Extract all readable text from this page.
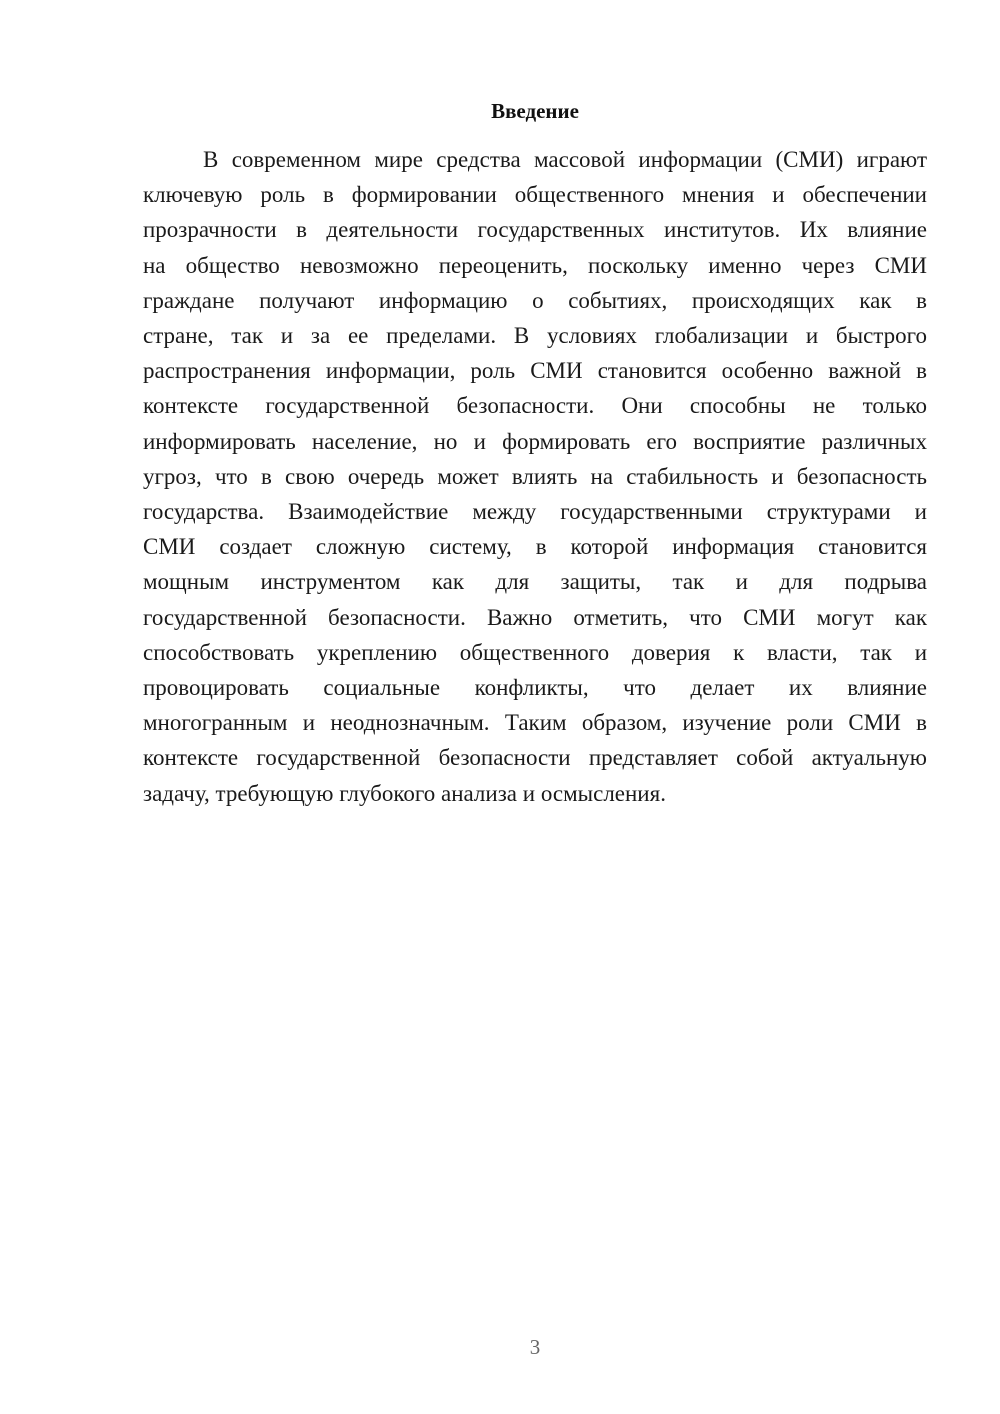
Введение

В современном мире средства массовой информации (СМИ) играют
ключевую роль в формировании общественного мнения и обеспечении
прозрачности в деятельности государственных институтов. Их влияние
на общество невозможно переоценить, поскольку именно через СМИ
граждане получают информацию о событиях, происходящих как в
стране, так и за ее пределами. В условиях глобализации и быстрого
распространения информации, роль СМИ становится особенно важной в
контексте государственной безопасности. Они способны не только
информировать население, но и формировать его восприятие различных
угроз, что в свою очередь может влиять на стабильность и безопасность
государства. Взаимодействие между государственными структурами и
СМИ создает сложную систему, в которой информация становится
мощным инструментом как для защиты, так и для подрыва
государственной безопасности. Важно отметить, что СМИ могут как
способствовать укреплению общественного доверия к власти, так и
провоцировать социальные конфликты, что делает их влияние
многогранным и неоднозначным. Таким образом, изучение роли СМИ в
контексте государственной безопасности представляет собой актуальную
задачу, требующую глубокого анализа и осмысления.

3
